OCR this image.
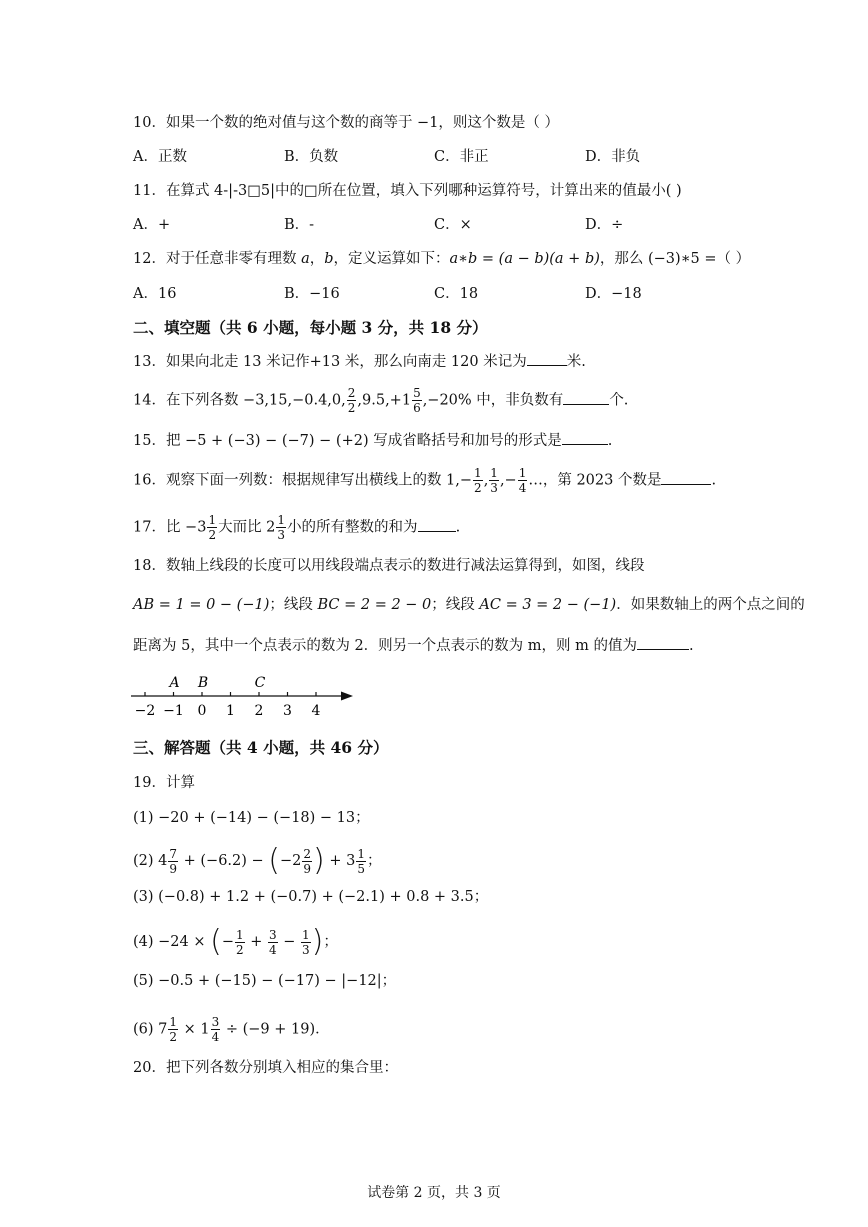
10．如果一个数的绝对值与这个数的商等于 −1，则这个数是（ ）
A．正数	B．负数	C．非正	D．非负
11．在算式 4-|-3□5|中的□所在位置，填入下列哪种运算符号，计算出来的值最小( )
A．+	B．-	C．×	D．÷
12．对于任意非零有理数 a，b，定义运算如下：a∗b = (a − b)(a + b)，那么 (−3)∗5 =（ ）
A．16	B．−16	C．18	D．−18
二、填空题（共 6 小题，每小题 3 分，共 18 分）
13．如果向北走 13 米记作+13 米，那么向南走 120 米记为	米.
14．在下列各数 −3,15,−0.4,0, $\frac{2}{2} ,9.5,+1 \frac{5}{6} ,-20\%$ 中，非负数有	个.
15．把 −5 + (−3) − (−7) − (+2) 写成省略括号和加号的形式是	.
16．观察下面一列数：根据规律写出横线上的数 $1,- \frac{1}{2}$ , $\frac{1}{3}$ ,− $\frac{1}{4}$ …，第 2023 个数是	.
17．比 $-3 \frac{1}{2}$ 大而比 $2 \frac{1}{3}$ 小的所有整数的和为	.
18．数轴上线段的长度可以用线段端点表示的数进行减法运算得到，如图，线段
AB = 1 = 0 − (−1)；线段 BC = 2 = 2 − 0；线段 AC = 3 = 2 − (−1)．如果数轴上的两个点之间的
距离为 5，其中一个点表示的数为 2．则另一个点表示的数为 m，则 m 的值为	.
−2 −1 0 1 2 3 4
A B	C
三、解答题（共 4 小题，共 46 分）
19．计算
(1) −20 + (−14) − (−18) − 13；
(2) $4 \frac{7}{9} + (-6.2) - (-2 \frac{2}{9}$ ) + $3 \frac{1}{5}$ ；
(3) (−0.8) + 1.2 + (−0.7) + (−2.1) + 0.8 + 3.5；
(4) −24 × (− $\frac{1}{2} + \frac{3}{4} - \frac{1}{3}$ )；
(5) −0.5 + (−15) − (−17) − |−12|；
(6) $7 \frac{1}{2} \times 1 \frac{3}{4} \div (-9 + 19)$．
20．把下列各数分别填入相应的集合里：
试卷第 2 页，共 3 页
